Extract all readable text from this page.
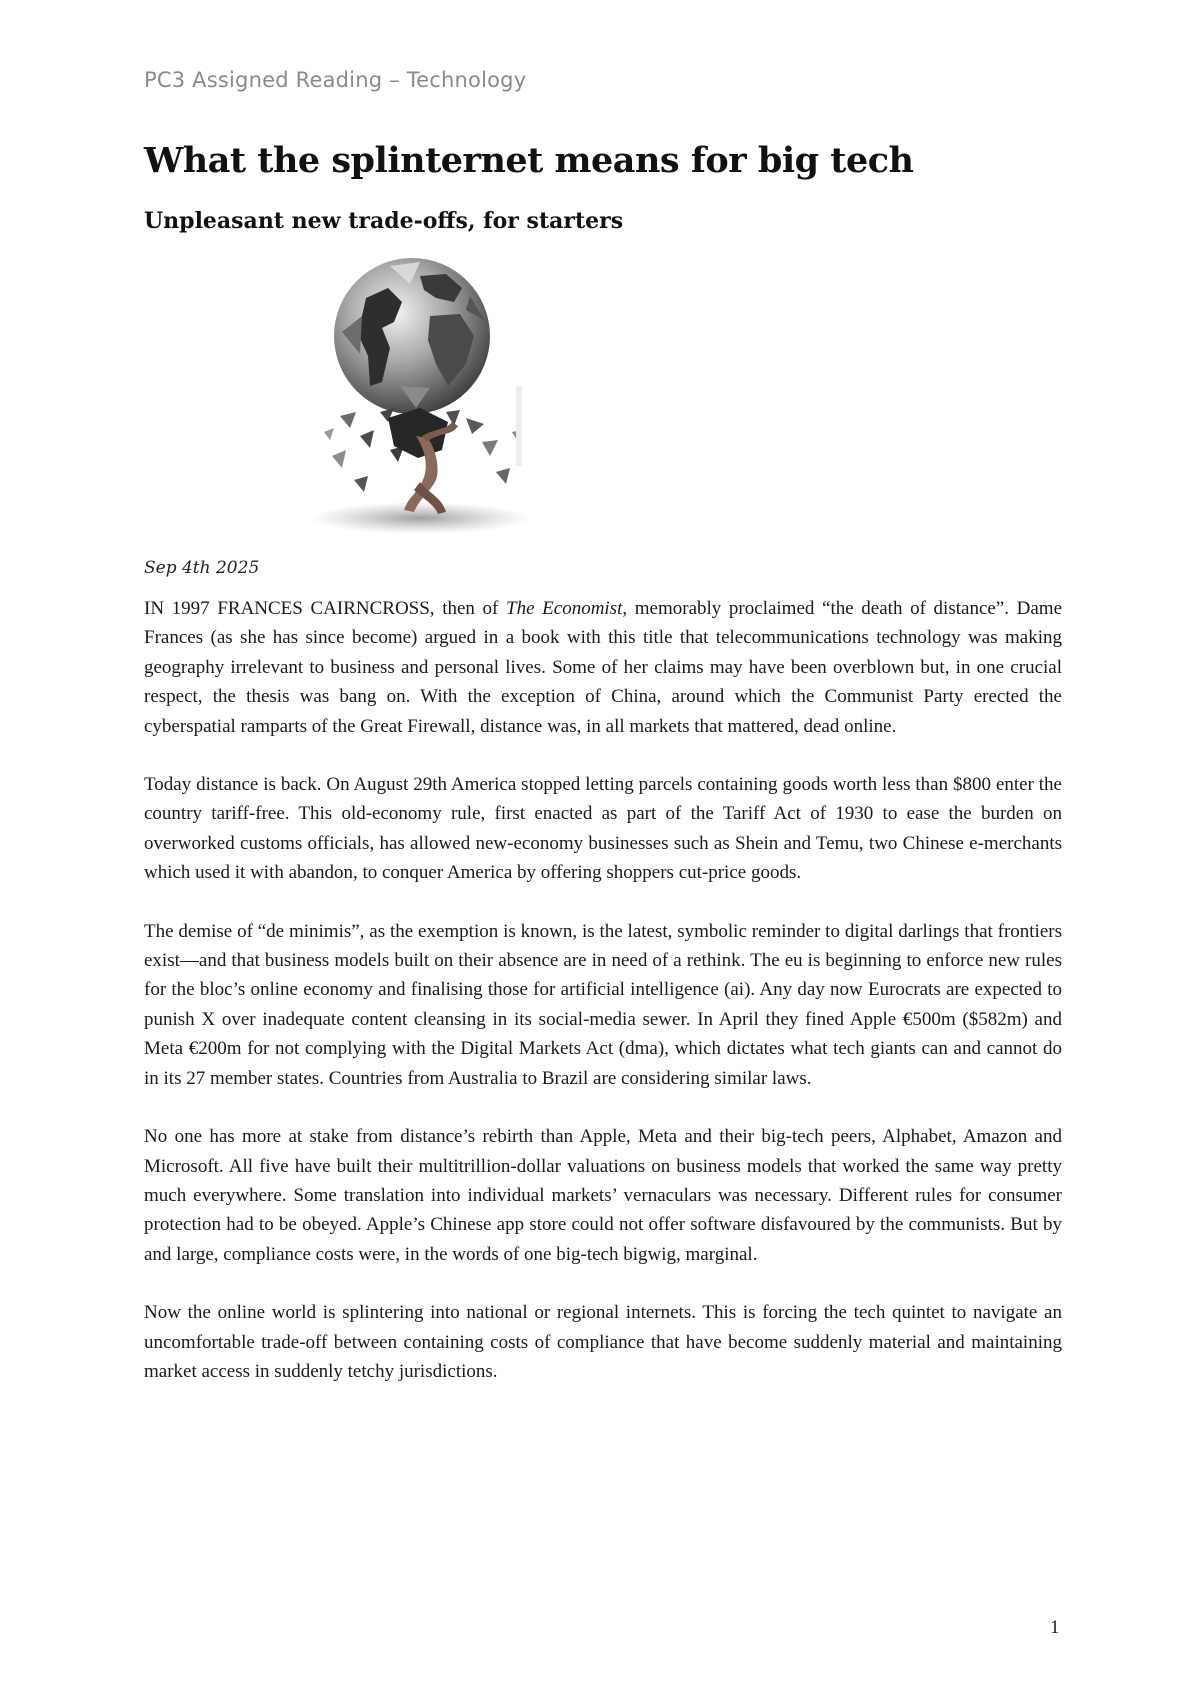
PC3 Assigned Reading – Technology
What the splinternet means for big tech
Unpleasant new trade-offs, for starters
Sep 4th 2025

IN 1997 FRANCES CAIRNCROSS, then of The Economist, memorably proclaimed “the death of distance”. Dame Frances (as she has since become) argued in a book with this title that telecommunications technology was making geography irrelevant to business and personal lives. Some of her claims may have been overblown but, in one crucial respect, the thesis was bang on. With the exception of China, around which the Communist Party erected the cyberspatial ramparts of the Great Firewall, distance was, in all markets that mattered, dead online.

Today distance is back. On August 29th America stopped letting parcels containing goods worth less than $800 enter the country tariff-free. This old-economy rule, first enacted as part of the Tariff Act of 1930 to ease the burden on overworked customs officials, has allowed new-economy businesses such as Shein and Temu, two Chinese e-merchants which used it with abandon, to conquer America by offering shoppers cut-price goods.

The demise of “de minimis”, as the exemption is known, is the latest, symbolic reminder to digital darlings that frontiers exist—and that business models built on their absence are in need of a rethink. The eu is beginning to enforce new rules for the bloc’s online economy and finalising those for artificial intelligence (ai). Any day now Eurocrats are expected to punish X over inadequate content cleansing in its social-media sewer. In April they fined Apple €500m ($582m) and Meta €200m for not complying with the Digital Markets Act (dma), which dictates what tech giants can and cannot do in its 27 member states. Countries from Australia to Brazil are considering similar laws.

No one has more at stake from distance’s rebirth than Apple, Meta and their big-tech peers, Alphabet, Amazon and Microsoft. All five have built their multitrillion-dollar valuations on business models that worked the same way pretty much everywhere. Some translation into individual markets’ vernaculars was necessary. Different rules for consumer protection had to be obeyed. Apple’s Chinese app store could not offer software disfavoured by the communists. But by and large, compliance costs were, in the words of one big-tech bigwig, marginal.

Now the online world is splintering into national or regional internets. This is forcing the tech quintet to navigate an uncomfortable trade-off between containing costs of compliance that have become suddenly material and maintaining market access in suddenly tetchy jurisdictions.

1
